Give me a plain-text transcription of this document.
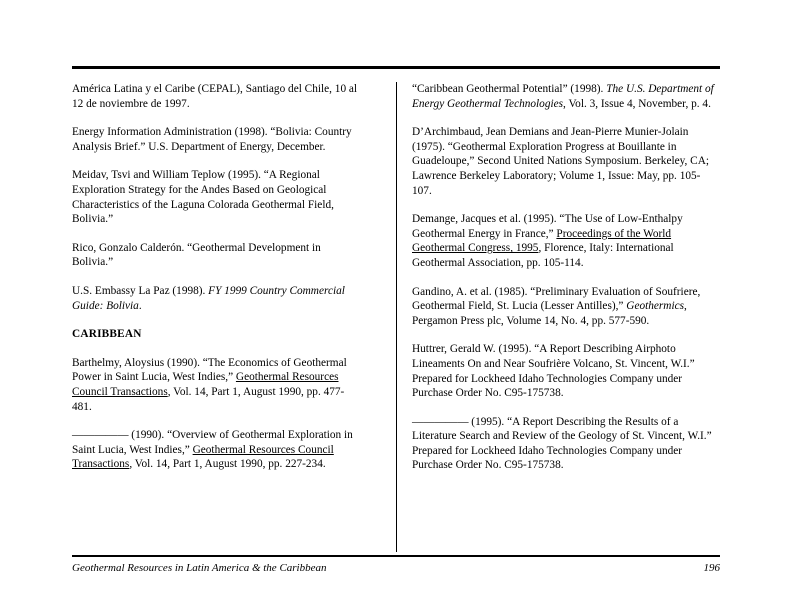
América Latina y el Caribe (CEPAL), Santiago del Chile, 10 al 12 de noviembre de 1997.

Energy Information Administration (1998). “Bolivia: Country Analysis Brief.” U.S. Department of Energy, December.

Meidav, Tsvi and William Teplow (1995). “A Regional Exploration Strategy for the Andes Based on Geological Characteristics of the Laguna Colorada Geothermal Field, Bolivia.”

Rico, Gonzalo Calderón. “Geothermal Development in Bolivia.”

U.S. Embassy La Paz (1998). FY 1999 Country Commercial Guide: Bolivia.

CARIBBEAN

Barthelmy, Aloysius (1990). “The Economics of Geothermal Power in Saint Lucia, West Indies,” Geothermal Resources Council Transactions, Vol. 14, Part 1, August 1990, pp. 477-481.

————— (1990). “Overview of Geothermal Exploration in Saint Lucia, West Indies,” Geothermal Resources Council Transactions, Vol. 14, Part 1, August 1990, pp. 227-234.

“Caribbean Geothermal Potential” (1998). The U.S. Department of Energy Geothermal Technologies, Vol. 3, Issue 4, November, p. 4.

D’Archimbaud, Jean Demians and Jean-Pierre Munier-Jolain (1975). “Geothermal Exploration Progress at Bouillante in Guadeloupe,” Second United Nations Symposium. Berkeley, CA; Lawrence Berkeley Laboratory; Volume 1, Issue: May, pp. 105-107.

Demange, Jacques et al. (1995). “The Use of Low-Enthalpy Geothermal Energy in France,” Proceedings of the World Geothermal Congress, 1995, Florence, Italy: International Geothermal Association, pp. 105-114.

Gandino, A. et al. (1985). “Preliminary Evaluation of Soufriere, Geothermal Field, St. Lucia (Lesser Antilles),” Geothermics, Pergamon Press plc, Volume 14, No. 4, pp. 577-590.

Huttrer, Gerald W. (1995). “A Report Describing Airphoto Lineaments On and Near Soufrière Volcano, St. Vincent, W.I.” Prepared for Lockheed Idaho Technologies Company under Purchase Order No. C95-175738.

————— (1995). “A Report Describing the Results of a Literature Search and Review of the Geology of St. Vincent, W.I.” Prepared for Lockheed Idaho Technologies Company under Purchase Order No. C95-175738.

Geothermal Resources in Latin America & the Caribbean	196
